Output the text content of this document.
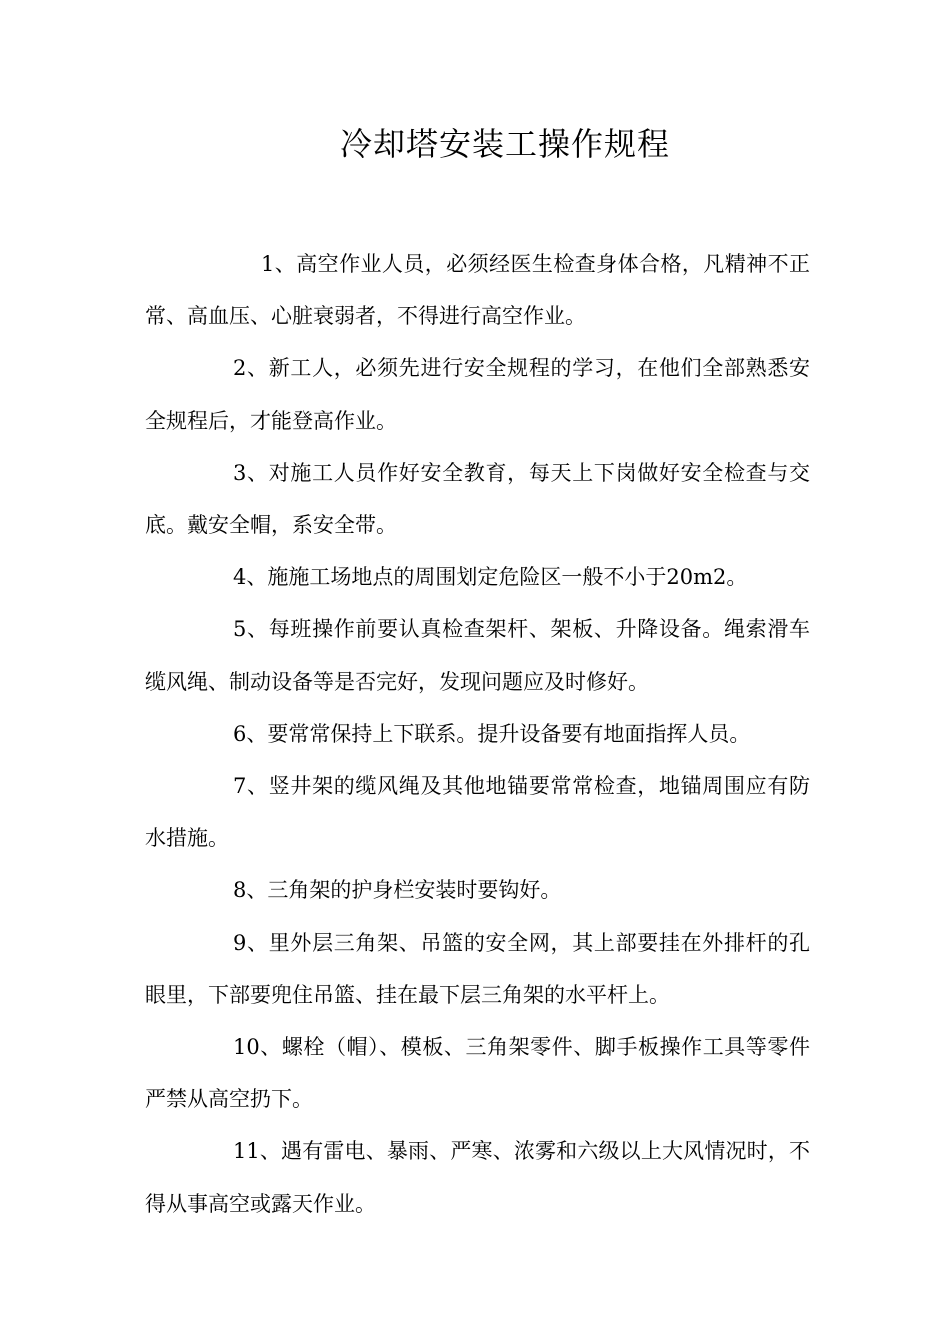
冷却塔安装工操作规程

1、高空作业人员，必须经医生检查身体合格，凡精神不正常、高血压、心脏衰弱者，不得进行高空作业。

2、新工人，必须先进行安全规程的学习，在他们全部熟悉安全规程后，才能登高作业。

3、对施工人员作好安全教育，每天上下岗做好安全检查与交底。戴安全帽，系安全带。

4、施施工场地点的周围划定危险区一般不小于20m2。

5、每班操作前要认真检查架杆、架板、升降设备。绳索滑车缆风绳、制动设备等是否完好，发现问题应及时修好。

6、要常常保持上下联系。提升设备要有地面指挥人员。

7、竖井架的缆风绳及其他地锚要常常检查，地锚周围应有防水措施。

8、三角架的护身栏安装时要钩好。

9、里外层三角架、吊篮的安全网，其上部要挂在外排杆的孔眼里，下部要兜住吊篮、挂在最下层三角架的水平杆上。

10、螺栓（帽）、模板、三角架零件、脚手板操作工具等零件严禁从高空扔下。

11、遇有雷电、暴雨、严寒、浓雾和六级以上大风情况时，不得从事高空或露天作业。
